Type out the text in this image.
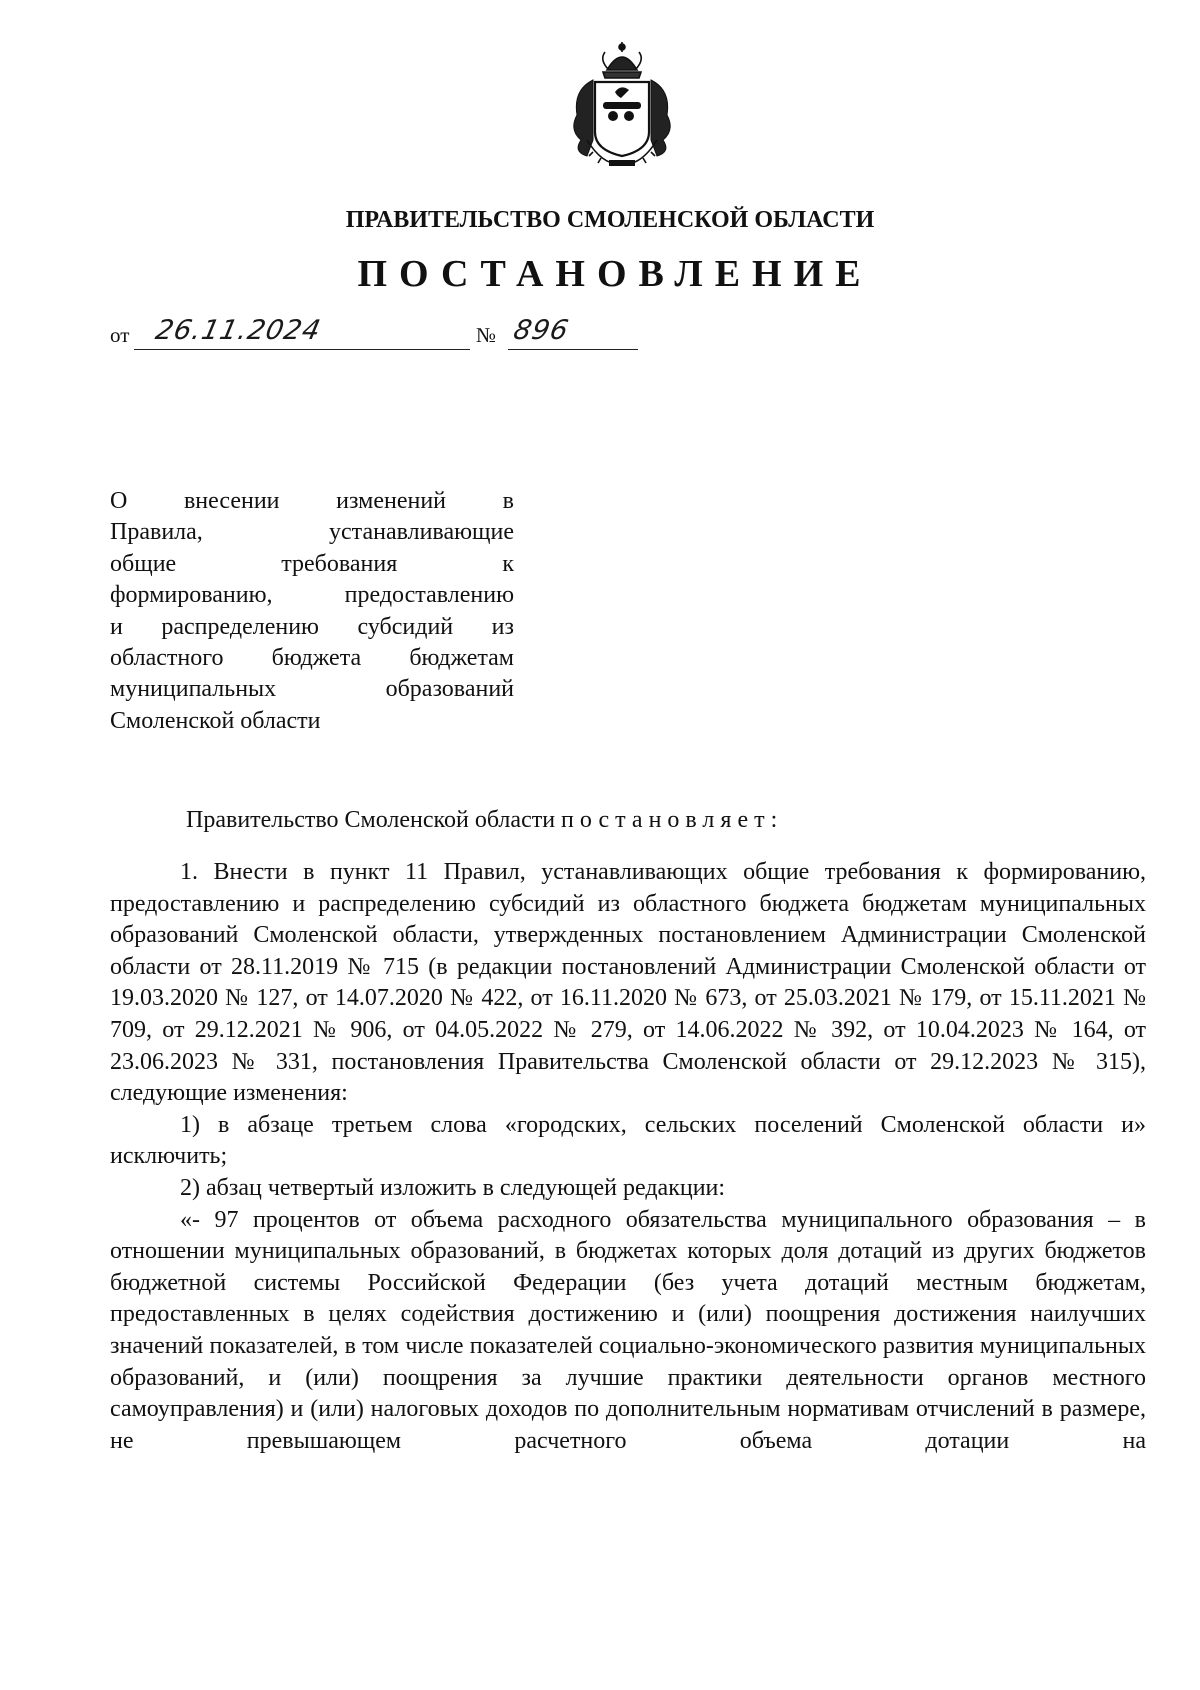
ПРАВИТЕЛЬСТВО СМОЛЕНСКОЙ ОБЛАСТИ
ПОСТАНОВЛЕНИЕ
от 26.11.2024	№ 896
О внесении изменений в
Правила, устанавливающие
общие требования к
формированию, предоставлению
и распределению субсидий из
областного бюджета бюджетам
муниципальных образований
Смоленской области
Правительство Смоленской области постановляет:
1. Внести в пункт 11 Правил, устанавливающих общие требования к формированию, предоставлению и распределению субсидий из областного бюджета бюджетам муниципальных образований Смоленской области, утвержденных постановлением Администрации Смоленской области от 28.11.2019 № 715 (в редакции постановлений Администрации Смоленской области от 19.03.2020 № 127, от 14.07.2020 № 422, от 16.11.2020 № 673, от 25.03.2021 № 179, от 15.11.2021 № 709, от 29.12.2021 № 906, от 04.05.2022 № 279, от 14.06.2022 № 392, от 10.04.2023 № 164, от 23.06.2023 № 331, постановления Правительства Смоленской области от 29.12.2023 № 315), следующие изменения:
1) в абзаце третьем слова «городских, сельских поселений Смоленской области и» исключить;
2) абзац четвертый изложить в следующей редакции:
«- 97 процентов от объема расходного обязательства муниципального образования – в отношении муниципальных образований, в бюджетах которых доля дотаций из других бюджетов бюджетной системы Российской Федерации (без учета дотаций местным бюджетам, предоставленных в целях содействия достижению и (или) поощрения достижения наилучших значений показателей, в том числе показателей социально-экономического развития муниципальных образований, и (или) поощрения за лучшие практики деятельности органов местного самоуправления) и (или) налоговых доходов по дополнительным нормативам отчислений в размере, не превышающем расчетного объема дотации на
